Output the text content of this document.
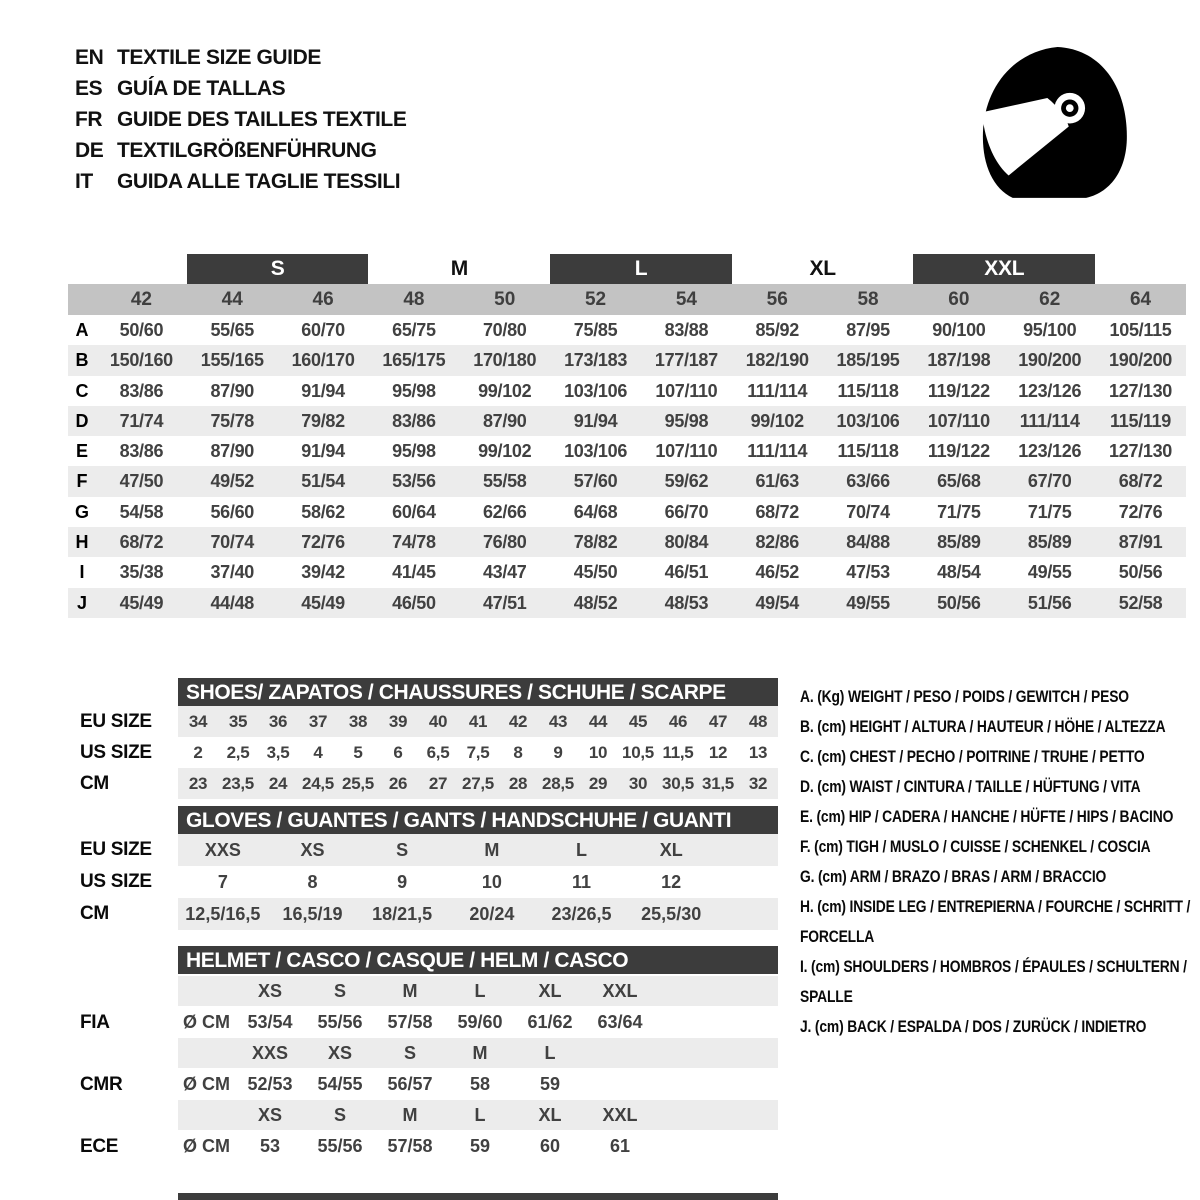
EN TEXTILE SIZE GUIDE
ES GUÍA DE TALLAS
FR GUIDE DES TAILLES TEXTILE
DE TEXTILGRÖßENFÜHRUNG
IT	GUIDA ALLE TAGLIE TESSILI
S	M	L	XL	XXL
42	44	46	48	50	52	54	56	58	60	62	64
A	50/60	55/65	60/70	65/75	70/80	75/85	83/88	85/92	87/95	90/100	95/100	105/115
B	150/160	155/165	160/170	165/175	170/180	173/183	177/187	182/190	185/195	187/198	190/200	190/200
C	83/86	87/90	91/94	95/98	99/102	103/106	107/110	111/114	115/118	119/122	123/126	127/130
D	71/74	75/78	79/82	83/86	87/90	91/94	95/98	99/102	103/106	107/110	111/114	115/119
E	83/86	87/90	91/94	95/98	99/102	103/106	107/110	111/114	115/118	119/122	123/126	127/130
F	47/50	49/52	51/54	53/56	55/58	57/60	59/62	61/63	63/66	65/68	67/70	68/72
G	54/58	56/60	58/62	60/64	62/66	64/68	66/70	68/72	70/74	71/75	71/75	72/76
H	68/72	70/74	72/76	74/78	76/80	78/82	80/84	82/86	84/88	85/89	85/89	87/91
I	35/38	37/40	39/42	41/45	43/47	45/50	46/51	46/52	47/53	48/54	49/55	50/56
J	45/49	44/48	45/49	46/50	47/51	48/52	48/53	49/54	49/55	50/56	51/56	52/58
SHOES/ ZAPATOS / CHAUSSURES / SCHUHE / SCARPE
EU SIZE	34	35	36	37	38	39	40	41	42	43	44	45	46	47	48
US SIZE	2	2,5	3,5	4	5	6	6,5	7,5	8	9	10 10,5 11,5 12	13
CM	23 23,5 24 24,5 25,5 26	27 27,5 28 28,5 29	30 30,5 31,5 32
GLOVES / GUANTES / GANTS / HANDSCHUHE / GUANTI
EU SIZE	XXS	XS	S	M	L	XL
US SIZE	7	8	9	10	11	12
CM	12,5/16,5	16,5/19	18/21,5	20/24	23/26,5	25,5/30
HELMET / CASCO / CASQUE / HELM / CASCO
XS	S	M	L	XL	XXL
Ø CM 53/54	55/56	57/58	59/60	61/62	63/64
FIA
XXS	XS	S	M	L
Ø CM 52/53	54/55	56/57	58	59
CMR
XS	S	M	L	XL	XXL
Ø CM	53	55/56	57/58	59	60	61
ECE
A. (Kg) WEIGHT / PESO / POIDS / GEWITCH / PESO
B. (cm) HEIGHT / ALTURA / HAUTEUR / HÖHE / ALTEZZA
C. (cm) CHEST / PECHO / POITRINE / TRUHE / PETTO
D. (cm) WAIST / CINTURA / TAILLE / HÜFTUNG / VITA
E. (cm) HIP / CADERA / HANCHE / HÜFTE / HIPS / BACINO
F. (cm) TIGH / MUSLO / CUISSE / SCHENKEL / COSCIA
G. (cm) ARM / BRAZO / BRAS / ARM / BRACCIO
H. (cm) INSIDE LEG / ENTREPIERNA / FOURCHE / SCHRITT / FORCELLA
I. (cm) SHOULDERS / HOMBROS / ÉPAULES / SCHULTERN / SPALLE
J. (cm) BACK / ESPALDA / DOS / ZURÜCK / INDIETRO
